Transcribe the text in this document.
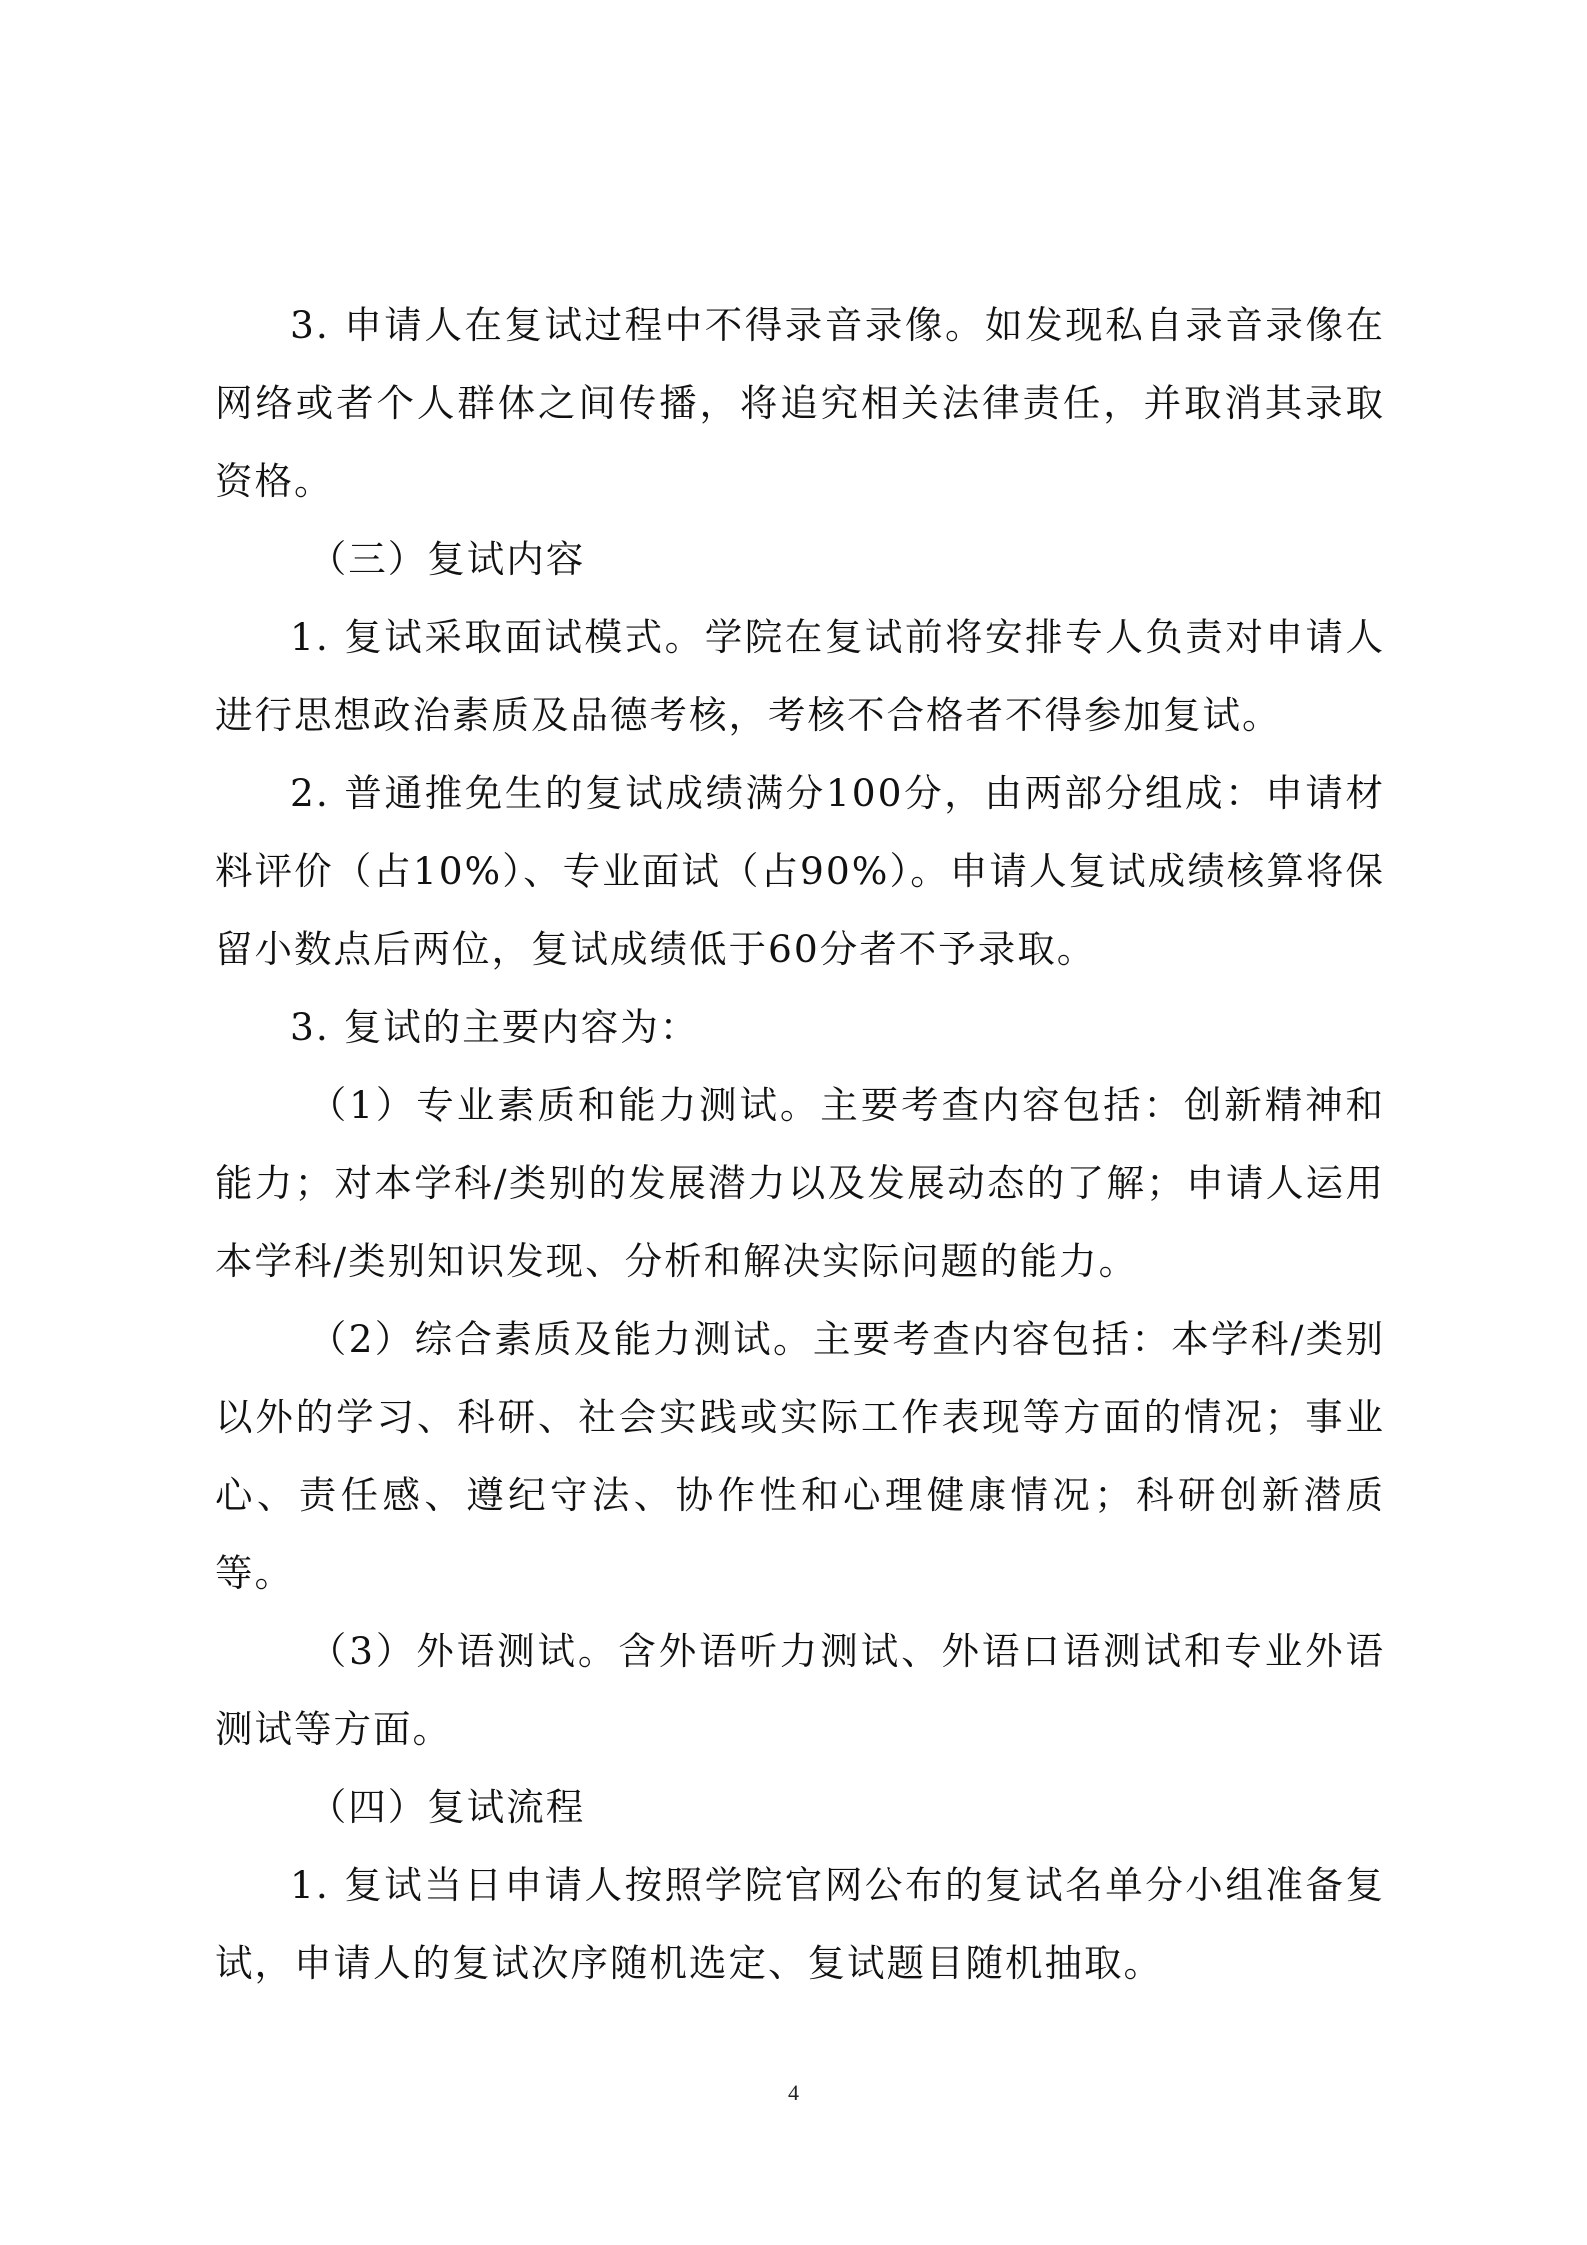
3. 申请人在复试过程中不得录音录像。如发现私自录音录像在网络或者个人群体之间传播，将追究相关法律责任，并取消其录取资格。

（三）复试内容

1. 复试采取面试模式。学院在复试前将安排专人负责对申请人进行思想政治素质及品德考核，考核不合格者不得参加复试。

2. 普通推免生的复试成绩满分100分，由两部分组成：申请材料评价（占10%）、专业面试（占90%）。申请人复试成绩核算将保留小数点后两位，复试成绩低于60分者不予录取。

3. 复试的主要内容为：

（1）专业素质和能力测试。主要考查内容包括：创新精神和能力；对本学科/类别的发展潜力以及发展动态的了解；申请人运用本学科/类别知识发现、分析和解决实际问题的能力。

（2）综合素质及能力测试。主要考查内容包括：本学科/类别以外的学习、科研、社会实践或实际工作表现等方面的情况；事业心、责任感、遵纪守法、协作性和心理健康情况；科研创新潜质等。

（3）外语测试。含外语听力测试、外语口语测试和专业外语测试等方面。

（四）复试流程

1. 复试当日申请人按照学院官网公布的复试名单分小组准备复试，申请人的复试次序随机选定、复试题目随机抽取。

4
